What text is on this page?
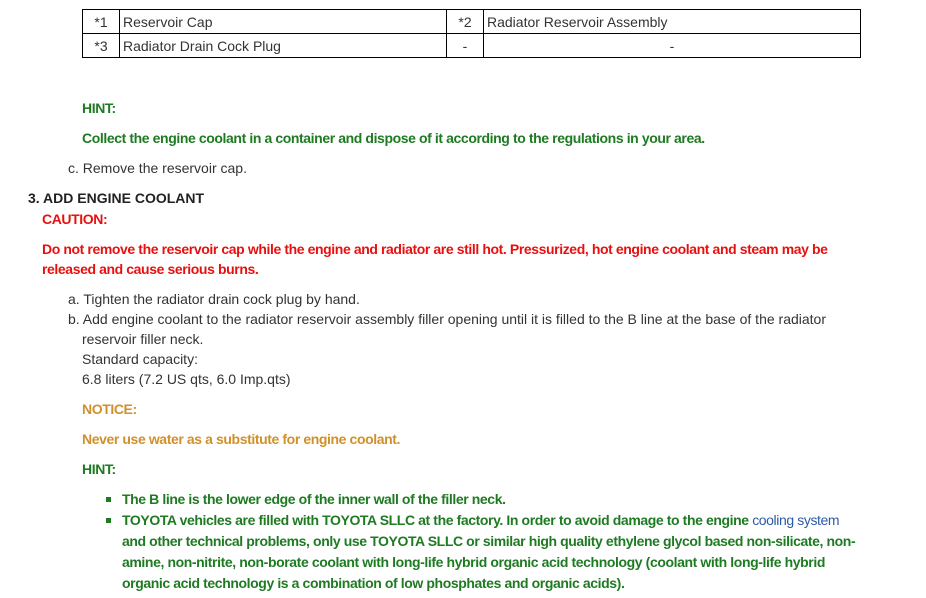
*1	Reservoir Cap	*2	Radiator Reservoir Assembly
*3	Radiator Drain Cock Plug	-	-
HINT:
Collect the engine coolant in a container and dispose of it according to the regulations in your area.
c. Remove the reservoir cap.
3. ADD ENGINE COOLANT
CAUTION:
Do not remove the reservoir cap while the engine and radiator are still hot. Pressurized, hot engine coolant and steam may be
released and cause serious burns.
a. Tighten the radiator drain cock plug by hand.
b. Add engine coolant to the radiator reservoir assembly filler opening until it is filled to the B line at the base of the radiator
reservoir filler neck.
Standard capacity:
6.8 liters (7.2 US qts, 6.0 Imp.qts)
NOTICE:
Never use water as a substitute for engine coolant.
HINT:
The B line is the lower edge of the inner wall of the filler neck.
TOYOTA vehicles are filled with TOYOTA SLLC at the factory. In order to avoid damage to the engine cooling system
and other technical problems, only use TOYOTA SLLC or similar high quality ethylene glycol based non-silicate, non-
amine, non-nitrite, non-borate coolant with long-life hybrid organic acid technology (coolant with long-life hybrid
organic acid technology is a combination of low phosphates and organic acids).
